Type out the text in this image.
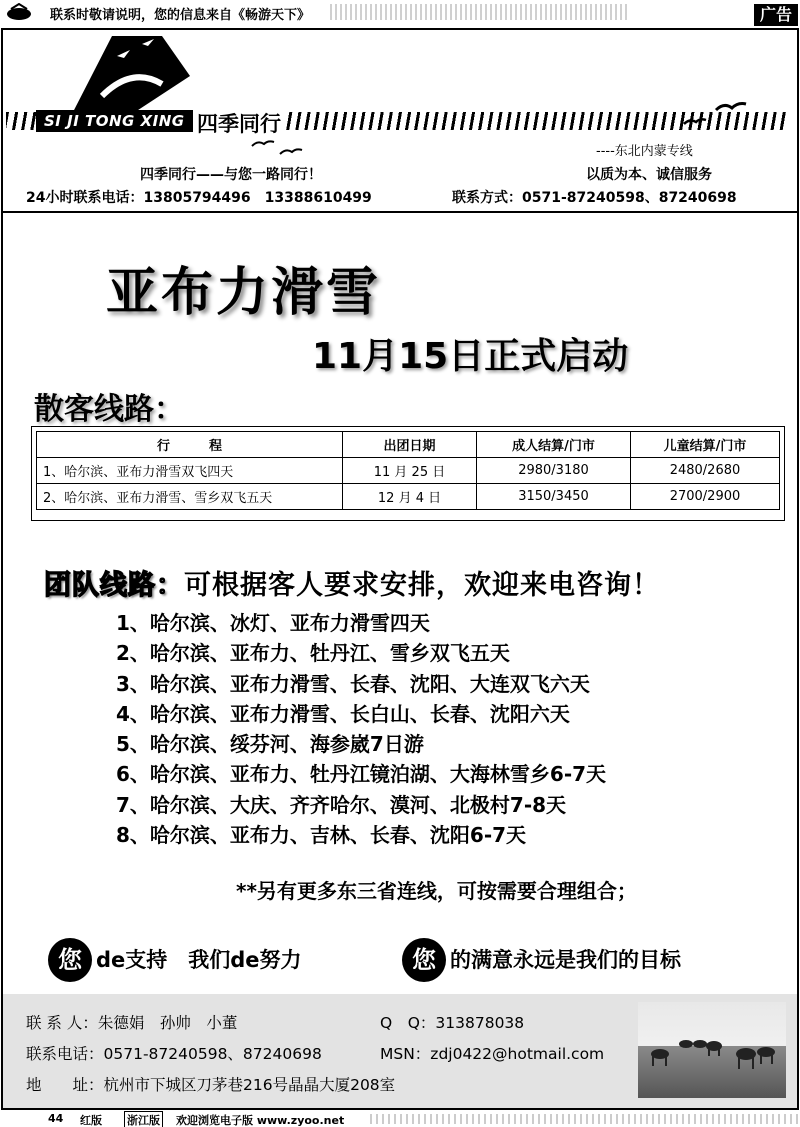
联系时敬请说明，您的信息来自《畅游天下》	广告
SI JI TONG XING 四季同行
----东北内蒙专线
四季同行——与您一路同行！	以质为本、诚信服务
24小时联系电话：13805794496　13388610499	联系方式：0571-87240598、87240698
亚布力滑雪
11月15日正式启动
散客线路：
行　　　程	出团日期	成人结算/门市	儿童结算/门市
1、哈尔滨、亚布力滑雪双飞四天	11 月 25 日	2980/3180	2480/2680
2、哈尔滨、亚布力滑雪、雪乡双飞五天	12 月 4 日	3150/3450	2700/2900
团队线路：可根据客人要求安排，欢迎来电咨询！
1、哈尔滨、冰灯、亚布力滑雪四天
2、哈尔滨、亚布力、牡丹江、雪乡双飞五天
3、哈尔滨、亚布力滑雪、长春、沈阳、大连双飞六天
4、哈尔滨、亚布力滑雪、长白山、长春、沈阳六天
5、哈尔滨、绥芬河、海参崴7日游
6、哈尔滨、亚布力、牡丹江镜泊湖、大海林雪乡6-7天
7、哈尔滨、大庆、齐齐哈尔、漠河、北极村7-8天
8、哈尔滨、亚布力、吉林、长春、沈阳6-7天
**另有更多东三省连线，可按需要合理组合；
您 de支持　我们de努力	您 的满意永远是我们的目标
联 系 人：朱德娟　孙帅　小董	Q　Q：313878038
联系电话：0571-87240598、87240698	MSN：zdj0422@hotmail.com
地　　址：杭州市下城区刀茅巷216号晶晶大厦208室
44 红版 浙江版 欢迎浏览电子版 www.zyoo.net
